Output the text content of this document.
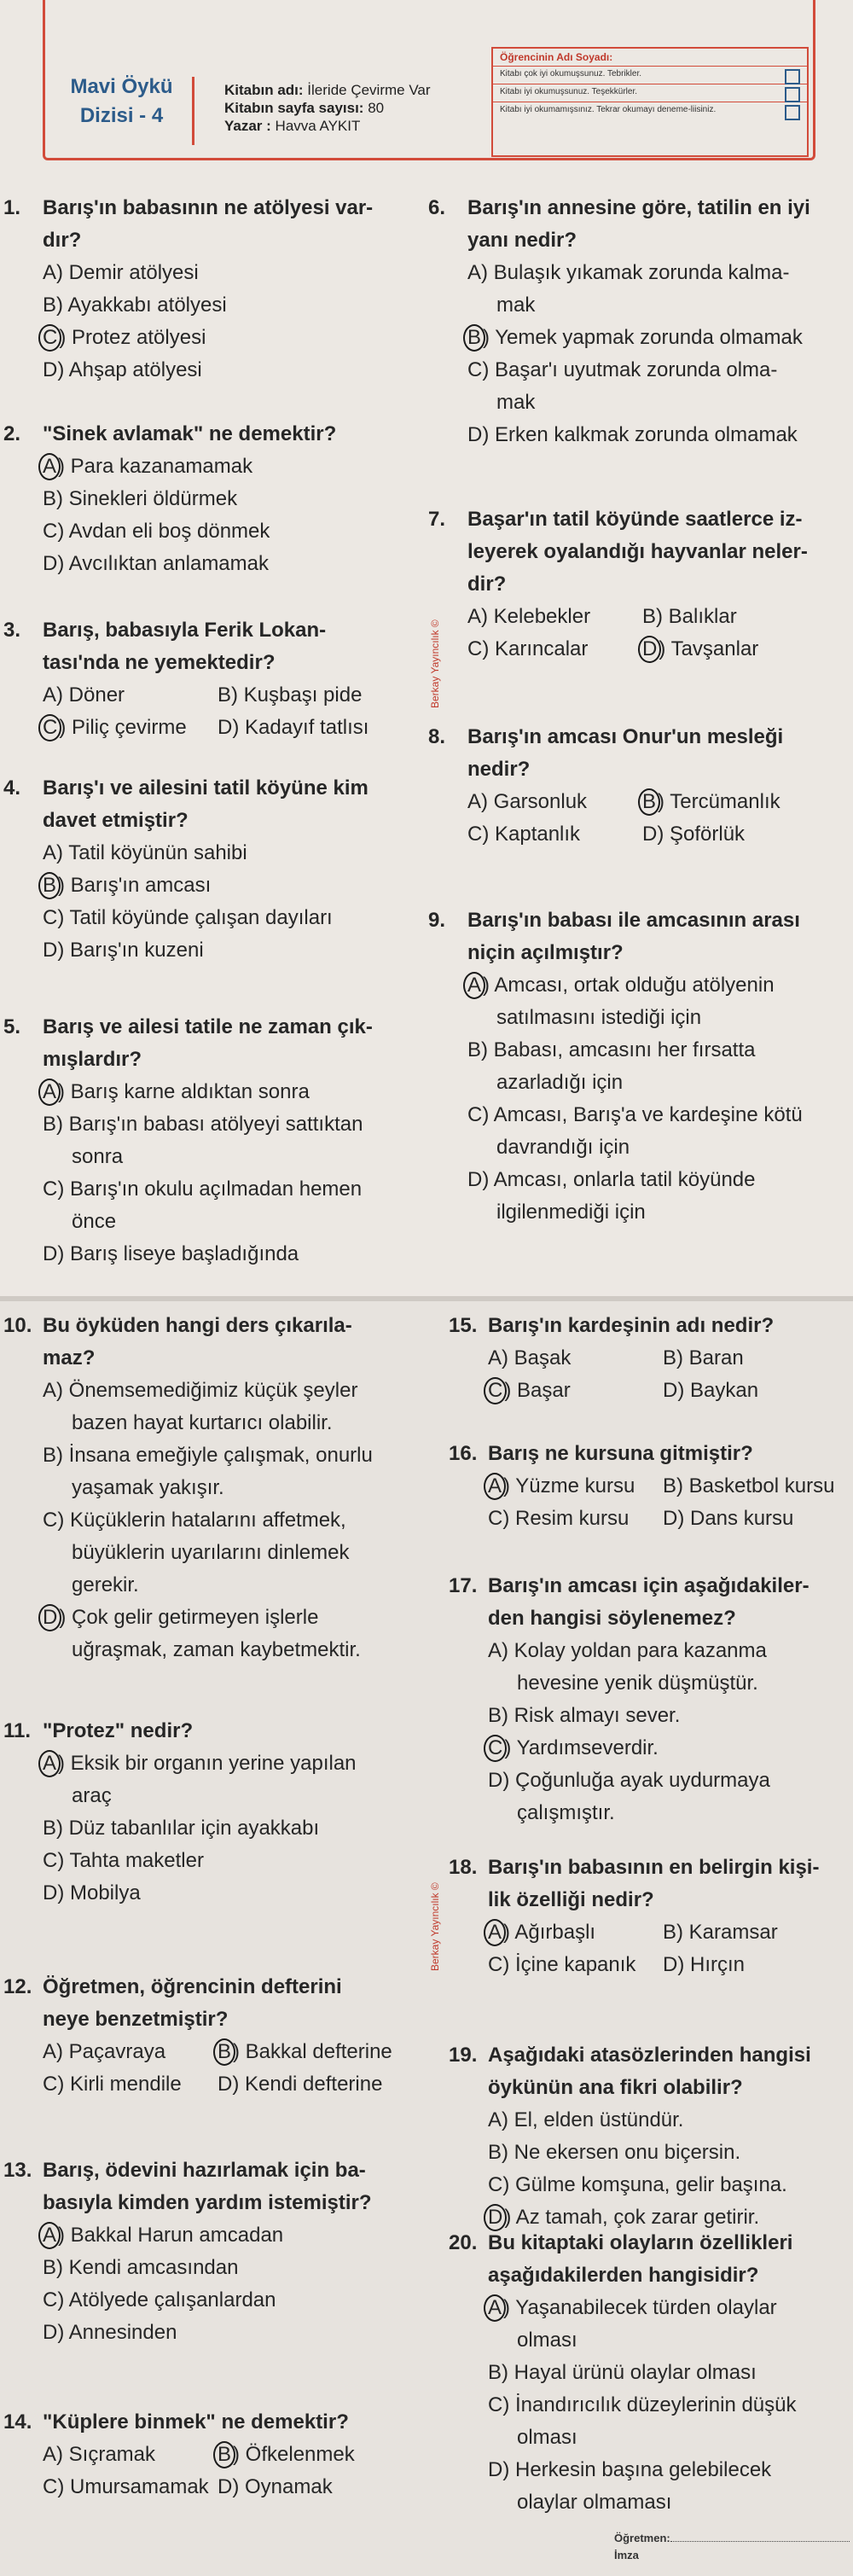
Mavi Öykü
Dizisi - 4
Kitabın adı: İleride Çevirme Var
Kitabın sayfa sayısı: 80
Yazar : Havva AYKIT
Öğrencinin Adı Soyadı:
Kitabı çok iyi okumuşsunuz. Tebrikler.
Kitabı iyi okumuşsunuz. Teşekkürler.
Kitabı iyi okumamışsınız. Tekrar okumayı deneme-liisiniz.
Berkay Yayıncılık ©
Berkay Yayıncılık ©
1. Barış'ın babasının ne atölyesi var-
dır?
A) Demir atölyesi
B) Ayakkabı atölyesi
C) Protez atölyesi
D) Ahşap atölyesi
2. "Sinek avlamak" ne demektir?
A) Para kazanamamak
B) Sinekleri öldürmek
C) Avdan eli boş dönmek
D) Avcılıktan anlamamak
3. Barış, babasıyla Ferik Lokan-
tası'nda ne yemektedir?
A) Döner	B) Kuşbaşı pide
C) Piliç çevirme	D) Kadayıf tatlısı
4. Barış'ı ve ailesini tatil köyüne kim
davet etmiştir?
A) Tatil köyünün sahibi
B) Barış'ın amcası
C) Tatil köyünde çalışan dayıları
D) Barış'ın kuzeni
5. Barış ve ailesi tatile ne zaman çık-
mışlardır?
A) Barış karne aldıktan sonra
B) Barış'ın babası atölyeyi sattıktan
sonra
C) Barış'ın okulu açılmadan hemen
önce
D) Barış liseye başladığında
6. Barış'ın annesine göre, tatilin en iyi
yanı nedir?
A) Bulaşık yıkamak zorunda kalma-
mak
B) Yemek yapmak zorunda olmamak
C) Başar'ı uyutmak zorunda olma-
mak
D) Erken kalkmak zorunda olmamak
7. Başar'ın tatil köyünde saatlerce iz-
leyerek oyalandığı hayvanlar neler-
dir?
A) Kelebekler	B) Balıklar
C) Karıncalar	D) Tavşanlar
8. Barış'ın amcası Onur'un mesleği
nedir?
A) Garsonluk	B) Tercümanlık
C) Kaptanlık	D) Şoförlük
9. Barış'ın babası ile amcasının arası
niçin açılmıştır?
A) Amcası, ortak olduğu atölyenin
satılmasını istediği için
B) Babası, amcasını her fırsatta
azarladığı için
C) Amcası, Barış'a ve kardeşine kötü
davrandığı için
D) Amcası, onlarla tatil köyünde
ilgilenmediği için
10. Bu öyküden hangi ders çıkarıla-
maz?
A) Önemsemediğimiz küçük şeyler
bazen hayat kurtarıcı olabilir.
B) İnsana emeğiyle çalışmak, onurlu
yaşamak yakışır.
C) Küçüklerin hatalarını affetmek,
büyüklerin uyarılarını dinlemek
gerekir.
D) Çok gelir getirmeyen işlerle
uğraşmak, zaman kaybetmektir.
11. "Protez" nedir?
A) Eksik bir organın yerine yapılan
araç
B) Düz tabanlılar için ayakkabı
C) Tahta maketler
D) Mobilya
12. Öğretmen, öğrencinin defterini
neye benzetmiştir?
A) Paçavraya	B) Bakkal defterine
C) Kirli mendile	D) Kendi defterine
13. Barış, ödevini hazırlamak için ba-
basıyla kimden yardım istemiştir?
A) Bakkal Harun amcadan
B) Kendi amcasından
C) Atölyede çalışanlardan
D) Annesinden
14. "Küplere binmek" ne demektir?
A) Sıçramak	B) Öfkelenmek
C) Umursamamak D) Oynamak
15. Barış'ın kardeşinin adı nedir?
A) Başak	B) Baran
C) Başar	D) Baykan
16. Barış ne kursuna gitmiştir?
A) Yüzme kursu	B) Basketbol kursu
C) Resim kursu	D) Dans kursu
17. Barış'ın amcası için aşağıdakiler-
den hangisi söylenemez?
A) Kolay yoldan para kazanma
hevesine yenik düşmüştür.
B) Risk almayı sever.
C) Yardımseverdir.
D) Çoğunluğa ayak uydurmaya
çalışmıştır.
18. Barış'ın babasının en belirgin kişi-
lik özelliği nedir?
A) Ağırbaşlı	B) Karamsar
C) İçine kapanık	D) Hırçın
19. Aşağıdaki atasözlerinden hangisi
öykünün ana fikri olabilir?
A) El, elden üstündür.
B) Ne ekersen onu biçersin.
C) Gülme komşuna, gelir başına.
D) Az tamah, çok zarar getirir.
20. Bu kitaptaki olayların özellikleri
aşağıdakilerden hangisidir?
A) Yaşanabilecek türden olaylar
olması
B) Hayal ürünü olaylar olması
C) İnandırıcılık düzeylerinin düşük
olması
D) Herkesin başına gelebilecek
olaylar olmaması
Öğretmen:
İmza
